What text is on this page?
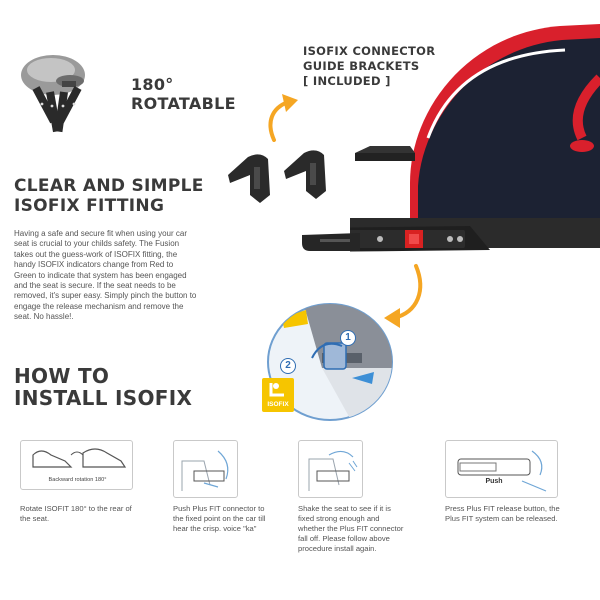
180°
ROTATABLE
ISOFIX CONNECTOR
GUIDE BRACKETS
[ INCLUDED ]
CLEAR AND SIMPLE
ISOFIX FITTING
Having a safe and secure fit when using your car seat is crucial to your childs safety. The Fusion takes out the guess-work of ISOFIX fitting, the handy ISOFIX indicators change from Red to Green to indicate that system has been engaged and the seat is secure. If the seat needs to be removed, it's super easy. Simply pinch the button to engage the release mechanism and remove the seat. No hassle!.
1
2
ISOFIX
HOW TO
INSTALL ISOFIX
Backward rotation 180°
Rotate ISOFIT 180° to the rear of the seat.
Push Plus FIT connector to the fixed point on the car till hear the crisp. voice "ka"
Shake the seat to see if it is fixed strong enough and whether the Plus FIT connector fall off. Please follow above procedure install again.
Push
Press Plus FIT release button, the Plus FIT system can be released.
